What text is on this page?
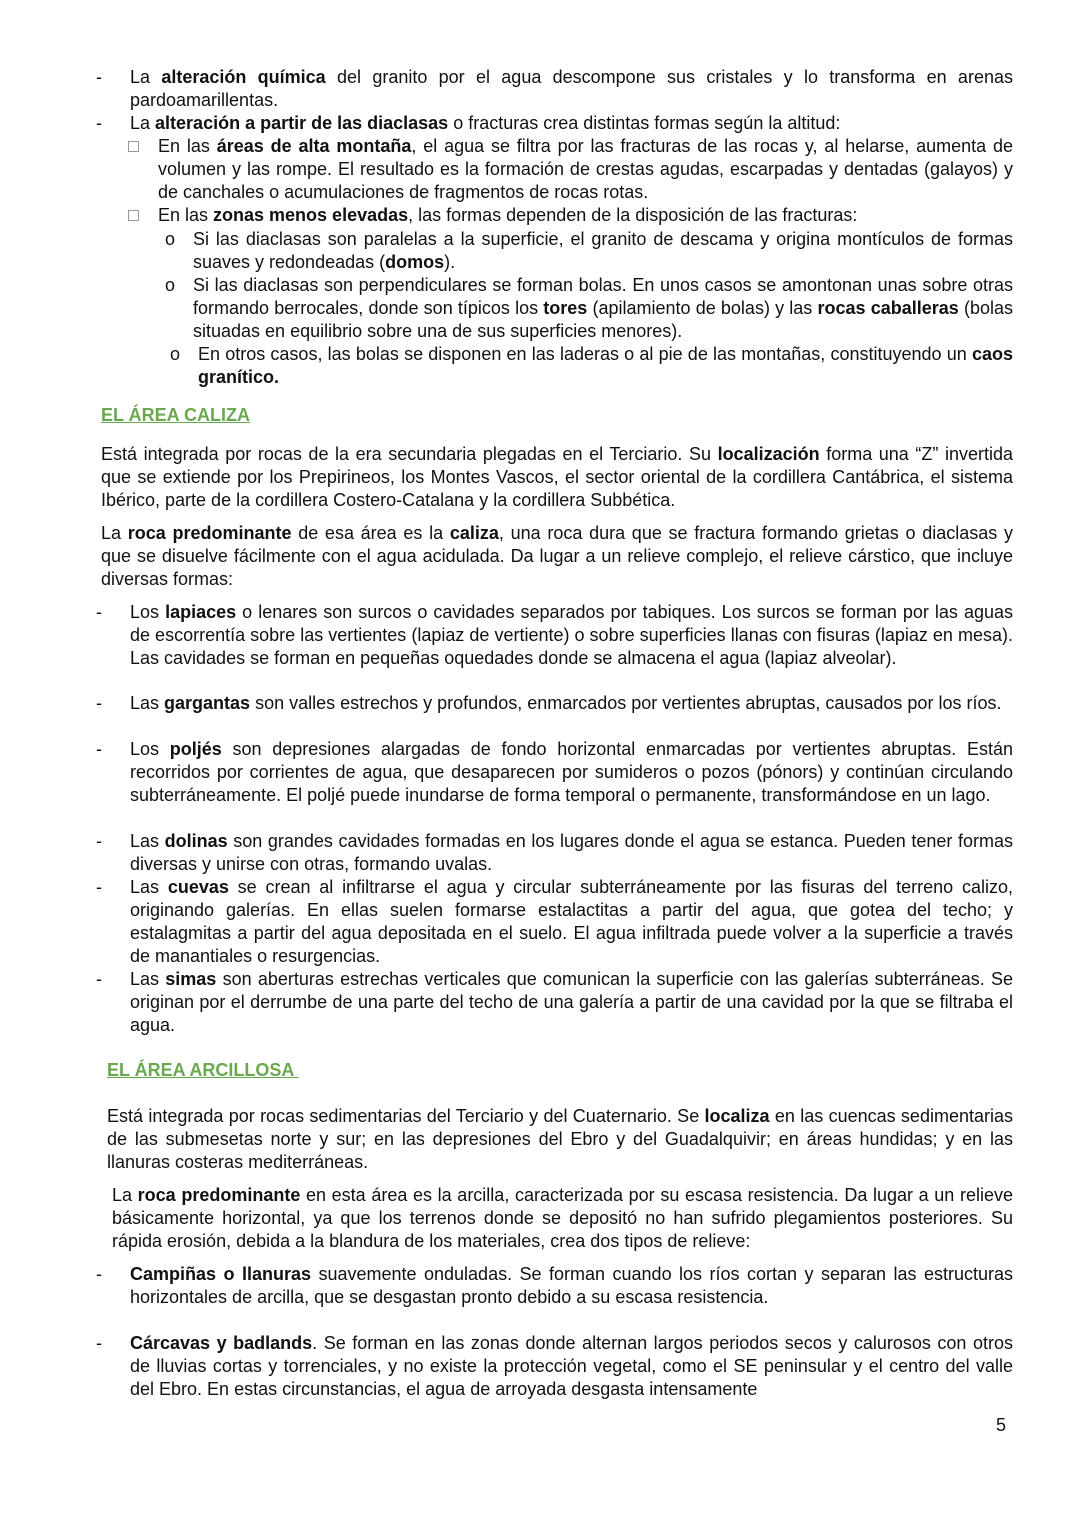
-	La alteración química del granito por el agua descompone sus cristales y lo transforma en arenas pardoamarillentas.
-	La alteración a partir de las diaclasas o fracturas crea distintas formas según la altitud:
En las áreas de alta montaña, el agua se filtra por las fracturas de las rocas y, al helarse, aumenta de volumen y las rompe. El resultado es la formación de crestas agudas, escarpadas y dentadas (galayos) y de canchales o acumulaciones de fragmentos de rocas rotas.
En las zonas menos elevadas, las formas dependen de la disposición de las fracturas:
o Si las diaclasas son paralelas a la superficie, el granito de descama y origina montículos de formas suaves y redondeadas (domos).
o Si las diaclasas son perpendiculares se forman bolas. En unos casos se amontonan unas sobre otras formando berrocales, donde son típicos los tores (apilamiento de bolas) y las rocas caballeras (bolas situadas en equilibrio sobre una de sus superficies menores).
o En otros casos, las bolas se disponen en las laderas o al pie de las montañas, constituyendo un caos granítico.
EL ÁREA CALIZA

Está integrada por rocas de la era secundaria plegadas en el Terciario. Su localización forma una “Z” invertida que se extiende por los Prepirineos, los Montes Vascos, el sector oriental de la cordillera Cantábrica, el sistema Ibérico, parte de la cordillera Costero-Catalana y la cordillera Subbética.

La roca predominante de esa área es la caliza, una roca dura que se fractura formando grietas o diaclasas y que se disuelve fácilmente con el agua acidulada. Da lugar a un relieve complejo, el relieve cárstico, que incluye diversas formas:

-	Los lapiaces o lenares son surcos o cavidades separados por tabiques. Los surcos se forman por las aguas de escorrentía sobre las vertientes (lapiaz de vertiente) o sobre superficies llanas con fisuras (lapiaz en mesa). Las cavidades se forman en pequeñas oquedades donde se almacena el agua (lapiaz alveolar).
-	Las gargantas son valles estrechos y profundos, enmarcados por vertientes abruptas, causados por los ríos.
-	Los poljés son depresiones alargadas de fondo horizontal enmarcadas por vertientes abruptas. Están recorridos por corrientes de agua, que desaparecen por sumideros o pozos (pónors) y continúan circulando subterráneamente. El poljé puede inundarse de forma temporal o permanente, transformándose en un lago.
-	Las dolinas son grandes cavidades formadas en los lugares donde el agua se estanca. Pueden tener formas diversas y unirse con otras, formando uvalas.
-	Las cuevas se crean al infiltrarse el agua y circular subterráneamente por las fisuras del terreno calizo, originando galerías. En ellas suelen formarse estalactitas a partir del agua, que gotea del techo; y estalagmitas a partir del agua depositada en el suelo. El agua infiltrada puede volver a la superficie a través de manantiales o resurgencias.
-	Las simas son aberturas estrechas verticales que comunican la superficie con las galerías subterráneas. Se originan por el derrumbe de una parte del techo de una galería a partir de una cavidad por la que se filtraba el agua.
EL ÁREA ARCILLOSA

Está integrada por rocas sedimentarias del Terciario y del Cuaternario. Se localiza en las cuencas sedimentarias de las submesetas norte y sur; en las depresiones del Ebro y del Guadalquivir; en áreas hundidas; y en las llanuras costeras mediterráneas.

La roca predominante en esta área es la arcilla, caracterizada por su escasa resistencia. Da lugar a un relieve básicamente horizontal, ya que los terrenos donde se depositó no han sufrido plegamientos posteriores. Su rápida erosión, debida a la blandura de los materiales, crea dos tipos de relieve:

-	Campiñas o llanuras suavemente onduladas. Se forman cuando los ríos cortan y separan las estructuras horizontales de arcilla, que se desgastan pronto debido a su escasa resistencia.
-	Cárcavas y badlands. Se forman en las zonas donde alternan largos periodos secos y calurosos con otros de lluvias cortas y torrenciales, y no existe la protección vegetal, como el SE peninsular y el centro del valle del Ebro. En estas circunstancias, el agua de arroyada desgasta intensamente
5
